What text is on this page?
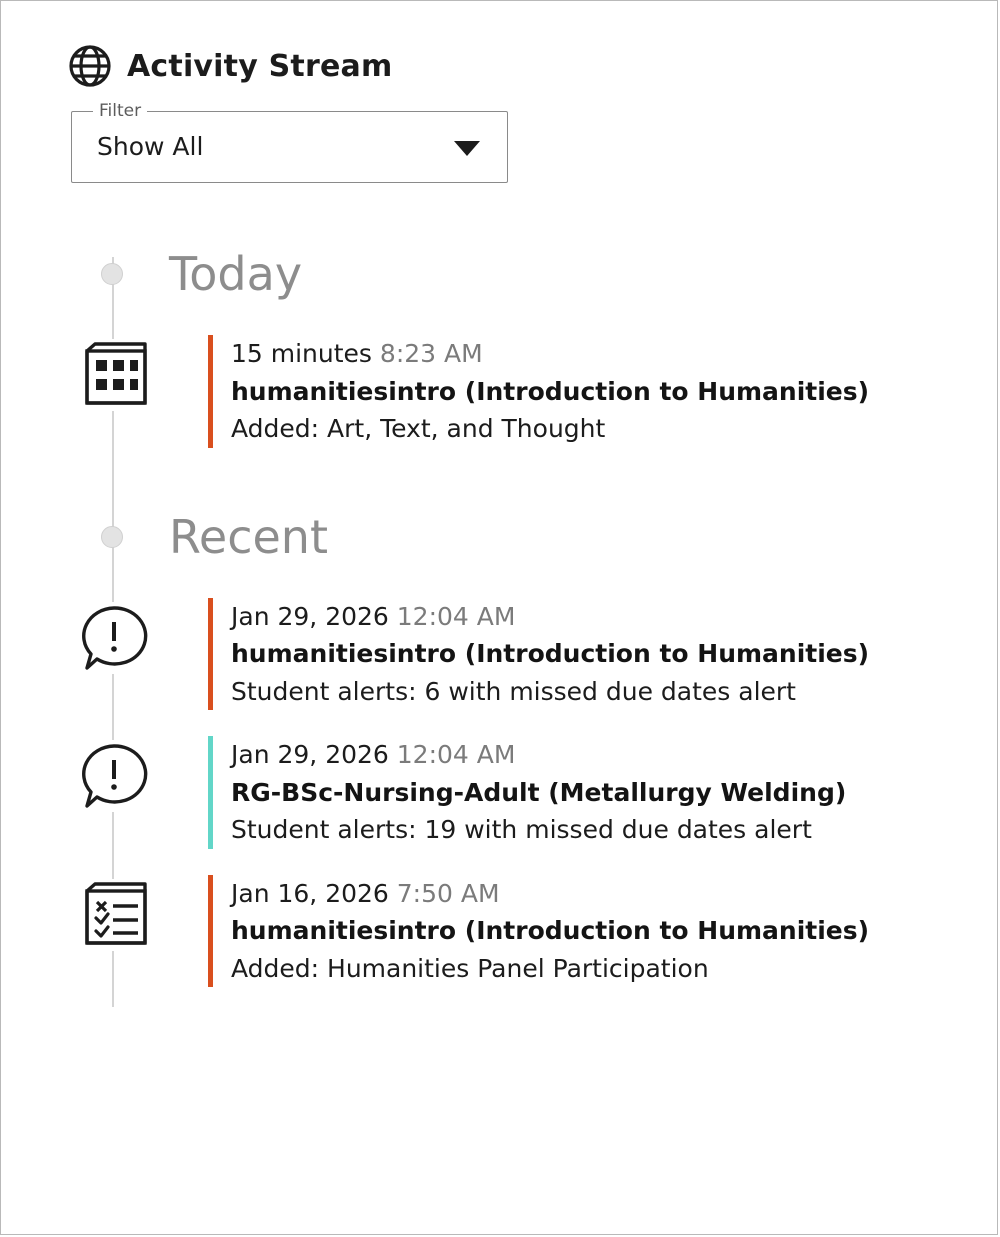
Activity Stream
Filter
Show All
Today
15 minutes 8:23 AM
humanitiesintro (Introduction to Humanities)
Added: Art, Text, and Thought
Recent
Jan 29, 2026 12:04 AM
humanitiesintro (Introduction to Humanities)
Student alerts: 6 with missed due dates alert
Jan 29, 2026 12:04 AM
RG-BSc-Nursing-Adult (Metallurgy Welding)
Student alerts: 19 with missed due dates alert
Jan 16, 2026 7:50 AM
humanitiesintro (Introduction to Humanities)
Added: Humanities Panel Participation
